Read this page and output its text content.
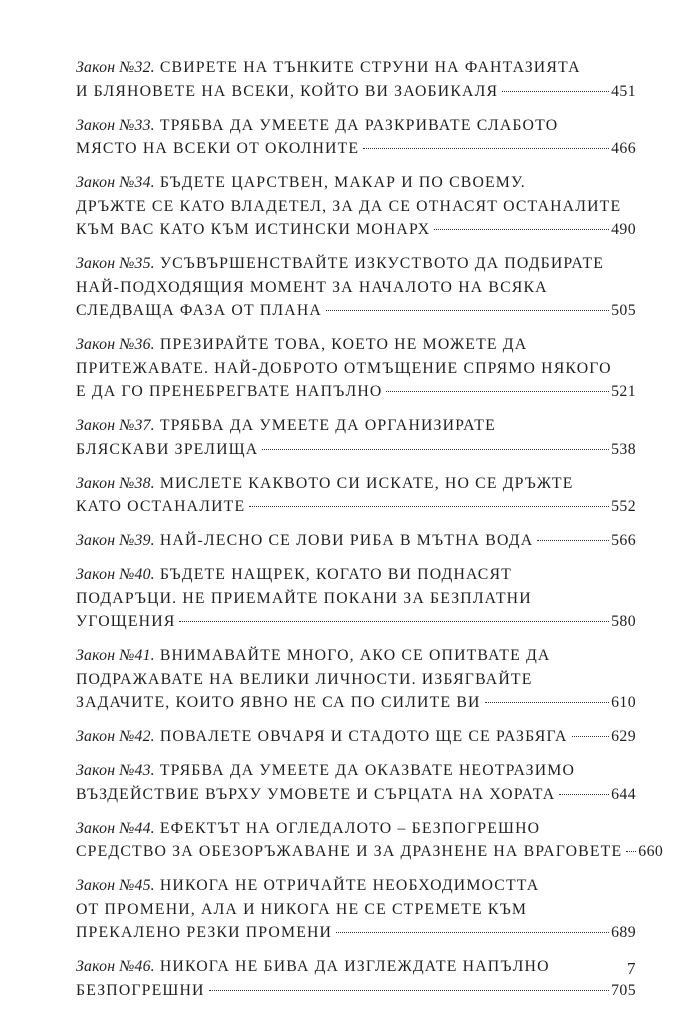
Закон №32. СВИРЕТЕ НА ТЪНКИТЕ СТРУНИ НА ФАНТАЗИЯТА
И БЛЯНОВЕТЕ НА ВСЕКИ, КОЙТО ВИ ЗАОБИКАЛЯ	451
Закон №33. ТРЯБВА ДА УМЕЕТЕ ДА РАЗКРИВАТЕ СЛАБОТО
МЯСТО НА ВСЕКИ ОТ ОКОЛНИТЕ	466
Закон №34. БЪДЕТЕ ЦАРСТВЕН, МАКАР И ПО СВОЕМУ.
ДРЪЖТЕ СЕ КАТО ВЛАДЕТЕЛ, ЗА ДА СЕ ОТНАСЯТ ОСТАНАЛИТЕ
КЪМ ВАС КАТО КЪМ ИСТИНСКИ МОНАРХ	490
Закон №35. УСЪВЪРШЕНСТВАЙТЕ ИЗКУСТВОТО ДА ПОДБИРАТЕ
НАЙ-ПОДХОДЯЩИЯ МОМЕНТ ЗА НАЧАЛОТО НА ВСЯКА
СЛЕДВАЩА ФАЗА ОТ ПЛАНА	505
Закон №36. ПРЕЗИРАЙТЕ ТОВА, КОЕТО НЕ МОЖЕТЕ ДА
ПРИТЕЖАВАТЕ. НАЙ-ДОБРОТО ОТМЪЩЕНИЕ СПРЯМО НЯКОГО
Е ДА ГО ПРЕНЕБРЕГВАТЕ НАПЪЛНО	521
Закон №37. ТРЯБВА ДА УМЕЕТЕ ДА ОРГАНИЗИРАТЕ
БЛЯСКАВИ ЗРЕЛИЩА	538
Закон №38. МИСЛЕТЕ КАКВОТО СИ ИСКАТЕ, НО СЕ ДРЪЖТЕ
КАТО ОСТАНАЛИТЕ	552
Закон №39. НАЙ-ЛЕСНО СЕ ЛОВИ РИБА В МЪТНА ВОДА	566
Закон №40. БЪДЕТЕ НАЩРЕК, КОГАТО ВИ ПОДНАСЯТ
ПОДАРЪЦИ. НЕ ПРИЕМАЙТЕ ПОКАНИ ЗА БЕЗПЛАТНИ
УГОЩЕНИЯ	580
Закон №41. ВНИМАВАЙТЕ МНОГО, АКО СЕ ОПИТВАТЕ ДА
ПОДРАЖАВАТЕ НА ВЕЛИКИ ЛИЧНОСТИ. ИЗБЯГВАЙТЕ
ЗАДАЧИТЕ, КОИТО ЯВНО НЕ СА ПО СИЛИТЕ ВИ	610
Закон №42. ПОВАЛЕТЕ ОВЧАРЯ И СТАДОТО ЩЕ СЕ РАЗБЯГА	629
Закон №43. ТРЯБВА ДА УМЕЕТЕ ДА ОКАЗВАТЕ НЕОТРАЗИМО
ВЪЗДЕЙСТВИЕ ВЪРХУ УМОВЕТЕ И СЪРЦАТА НА ХОРАТА	644
Закон №44. ЕФЕКТЪТ НА ОГЛЕДАЛОТО – БЕЗПОГРЕШНО
СРЕДСТВО ЗА ОБЕЗОРЪЖАВАНЕ И ЗА ДРАЗНЕНЕ НА ВРАГОВЕТЕ 660
Закон №45. НИКОГА НЕ ОТРИЧАЙТЕ НЕОБХОДИМОСТТА
ОТ ПРОМЕНИ, АЛА И НИКОГА НЕ СЕ СТРЕМЕТЕ КЪМ
ПРЕКАЛЕНО РЕЗКИ ПРОМЕНИ	689
Закон №46. НИКОГА НЕ БИВА ДА ИЗГЛЕЖДАТЕ НАПЪЛНО
БЕЗПОГРЕШНИ	705
7
